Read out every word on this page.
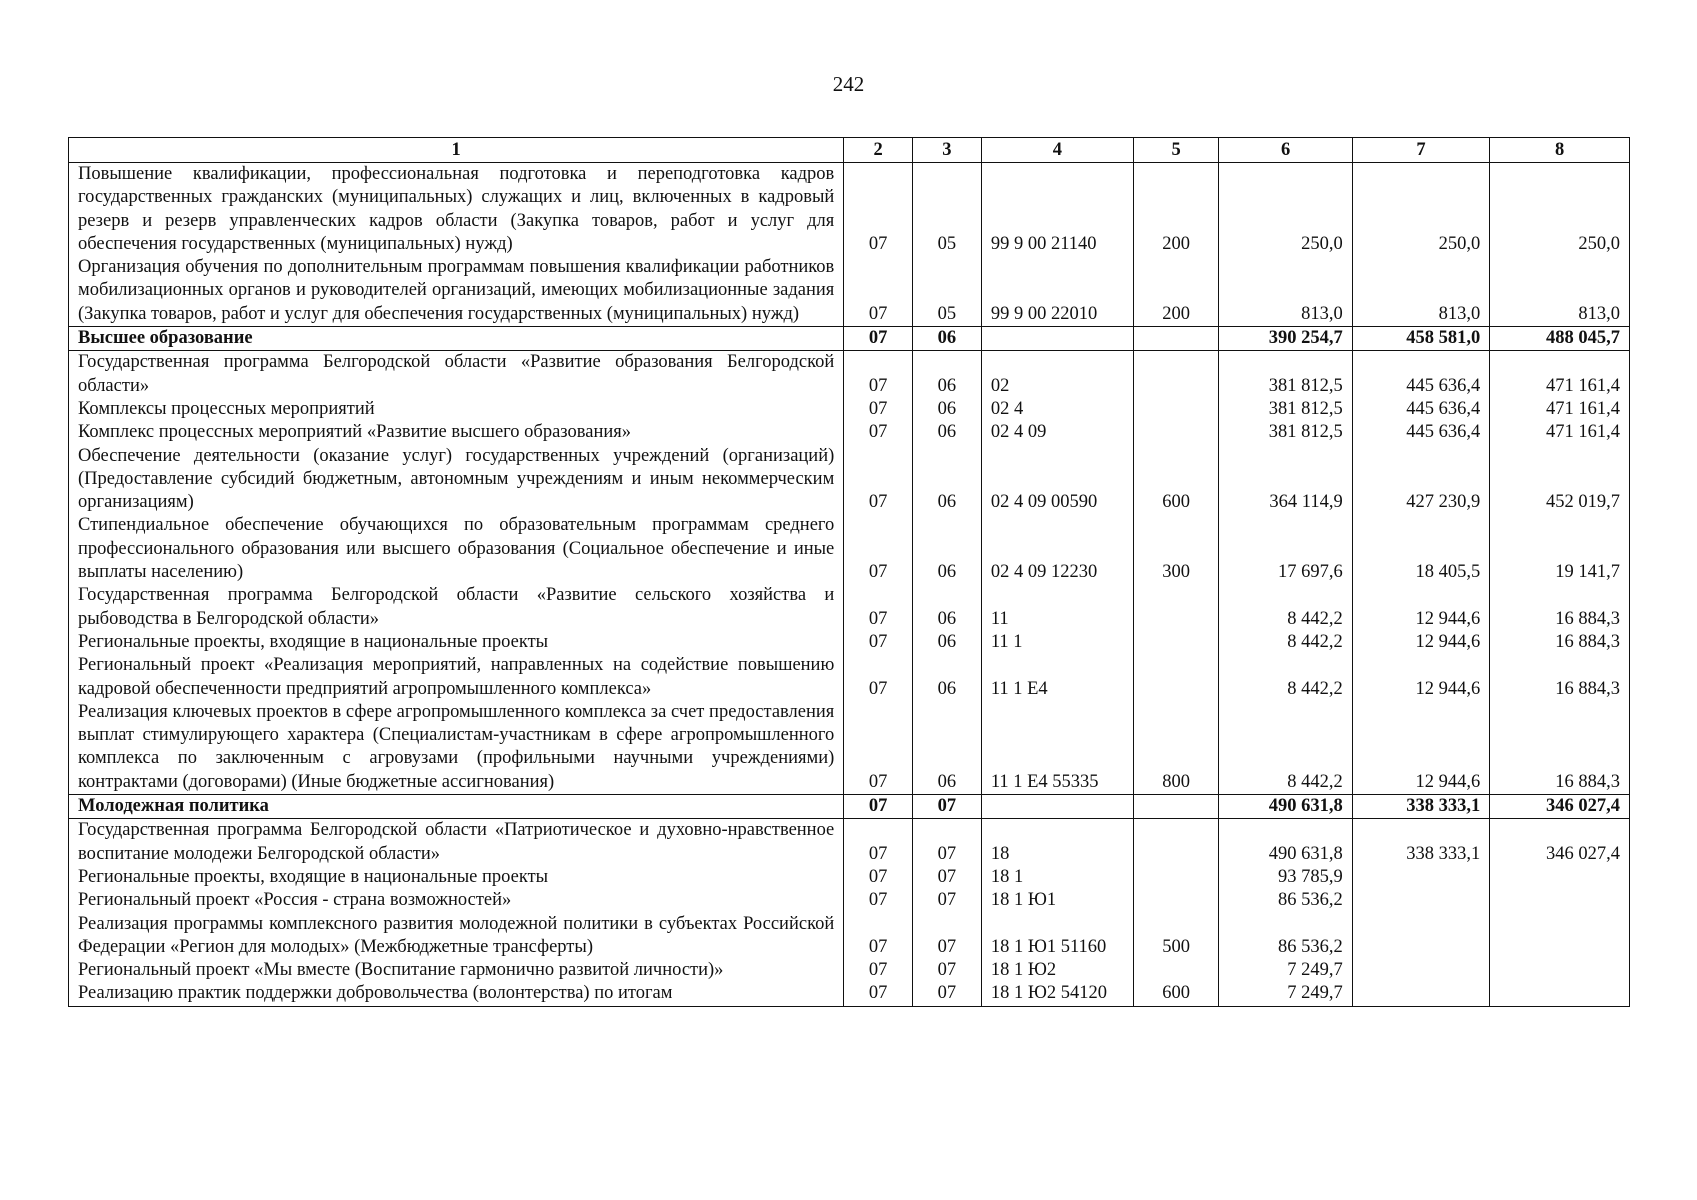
242
1	2	3	4	5	6	7	8
Повышение квалификации, профессиональная подготовка и переподготовка кадров государственных гражданских (муниципальных) служащих и лиц, включенных в кадровый резерв и резерв управленческих кадров области (Закупка товаров, работ и услуг для обеспечения государственных (муниципальных) нужд)	07	05	99 9 00 21140	200	250,0	250,0	250,0
Организация обучения по дополнительным программам повышения квалификации работников мобилизационных органов и руководителей организаций, имеющих мобилизационные задания (Закупка товаров, работ и услуг для обеспечения государственных (муниципальных) нужд)	07	05	99 9 00 22010	200	813,0	813,0	813,0
Высшее образование	07	06			390 254,7	458 581,0	488 045,7
Государственная программа Белгородской области «Развитие образования Белгородской области»	07	06	02		381 812,5	445 636,4	471 161,4
Комплексы процессных мероприятий	07	06	02 4		381 812,5	445 636,4	471 161,4
Комплекс процессных мероприятий «Развитие высшего образования»	07	06	02 4 09		381 812,5	445 636,4	471 161,4
Обеспечение деятельности (оказание услуг) государственных учреждений (организаций) (Предоставление субсидий бюджетным, автономным учреждениям и иным некоммерческим организациям)	07	06	02 4 09 00590	600	364 114,9	427 230,9	452 019,7
Стипендиальное обеспечение обучающихся по образовательным программам среднего профессионального образования или высшего образования (Социальное обеспечение и иные выплаты населению)	07	06	02 4 09 12230	300	17 697,6	18 405,5	19 141,7
Государственная программа Белгородской области «Развитие сельского хозяйства и рыбоводства в Белгородской области»	07	06	11		8 442,2	12 944,6	16 884,3
Региональные проекты, входящие в национальные проекты	07	06	11 1		8 442,2	12 944,6	16 884,3
Региональный проект «Реализация мероприятий, направленных на содействие повышению кадровой обеспеченности предприятий агропромышленного комплекса»	07	06	11 1 Е4		8 442,2	12 944,6	16 884,3
Реализация ключевых проектов в сфере агропромышленного комплекса за счет предоставления выплат стимулирующего характера (Специалистам-участникам в сфере агропромышленного комплекса по заключенным с агровузами (профильными научными учреждениями) контрактами (договорами) (Иные бюджетные ассигнования)	07	06	11 1 Е4 55335	800	8 442,2	12 944,6	16 884,3
Молодежная политика	07	07			490 631,8	338 333,1	346 027,4
Государственная программа Белгородской области «Патриотическое и духовно-нравственное воспитание молодежи Белгородской области»	07	07	18		490 631,8	338 333,1	346 027,4
Региональные проекты, входящие в национальные проекты	07	07	18 1		93 785,9		
Региональный проект «Россия - страна возможностей»	07	07	18 1 Ю1		86 536,2		
Реализация программы комплексного развития молодежной политики в субъектах Российской Федерации «Регион для молодых» (Межбюджетные трансферты)	07	07	18 1 Ю1 51160	500	86 536,2		
Региональный проект «Мы вместе (Воспитание гармонично развитой личности)»	07	07	18 1 Ю2		7 249,7		
Реализацию практик поддержки добровольчества (волонтерства) по итогам	07	07	18 1 Ю2 54120	600	7 249,7		
